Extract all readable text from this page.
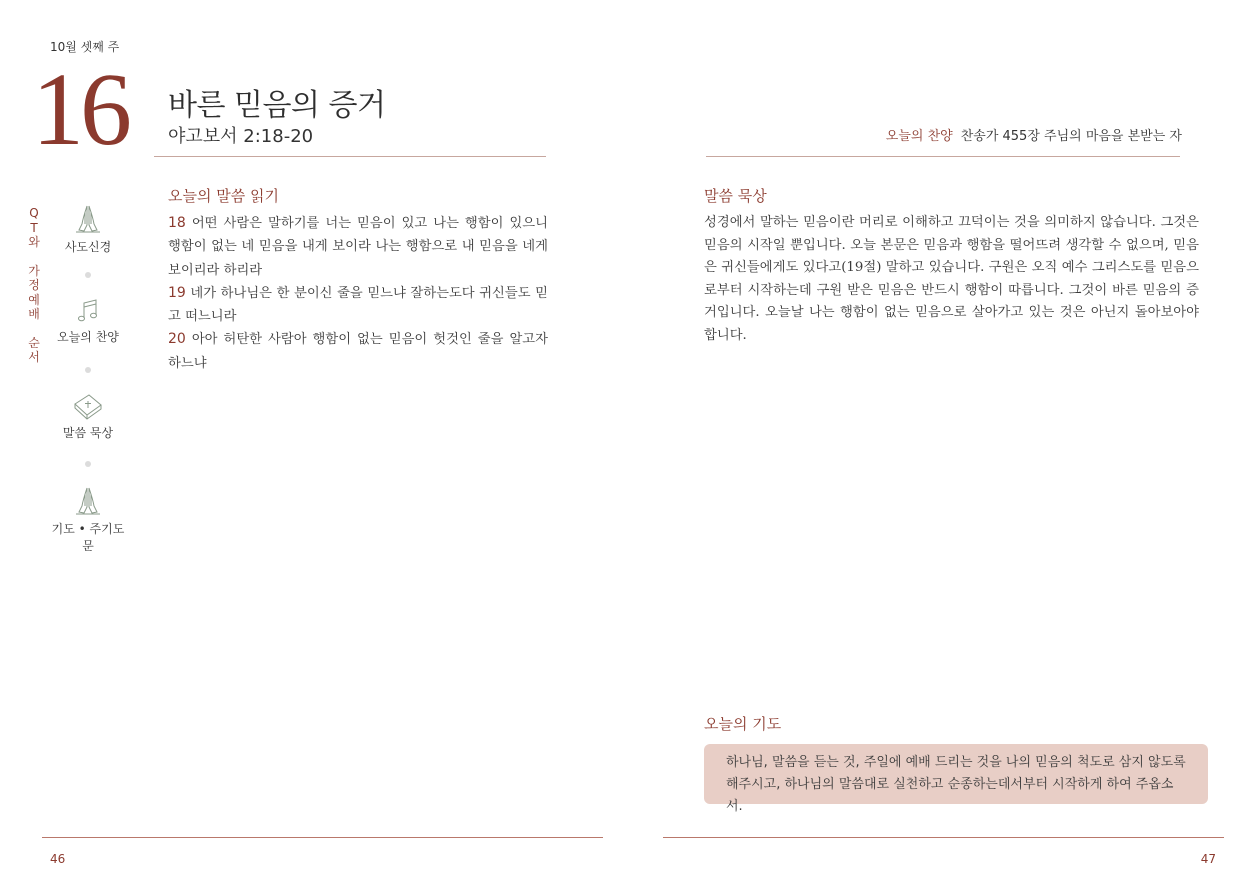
10월 셋째 주
16 바른 믿음의 증거
야고보서 2:18-20	오늘의 찬양 찬송가 455장 주님의 마음을 본받는 자
Q
T
와
가
정
예
배
순
서
사도신경
오늘의 찬양
말씀 묵상
기도 • 주기도문
오늘의 말씀 읽기
18 어떤 사람은 말하기를 너는 믿음이 있고 나는 행함이 있으니 행함이 없는 네 믿음을 내게 보이라 나는 행함으로 내 믿음을 네게 보이리라 하리라
19 네가 하나님은 한 분이신 줄을 믿느냐 잘하는도다 귀신들도 믿고 떠느니라
20 아아 허탄한 사람아 행함이 없는 믿음이 헛것인 줄을 알고자 하느냐
말씀 묵상
성경에서 말하는 믿음이란 머리로 이해하고 끄덕이는 것을 의미하지 않습니다. 그것은 믿음의 시작일 뿐입니다. 오늘 본문은 믿음과 행함을 떨어뜨려 생각할 수 없으며, 믿음은 귀신들에게도 있다고(19절) 말하고 있습니다. 구원은 오직 예수 그리스도를 믿음으로부터 시작하는데 구원 받은 믿음은 반드시 행함이 따릅니다. 그것이 바른 믿음의 증거입니다. 오늘날 나는 행함이 없는 믿음으로 살아가고 있는 것은 아닌지 돌아보아야 합니다.
오늘의 기도
하나님, 말씀을 듣는 것, 주일에 예배 드리는 것을 나의 믿음의 척도로 삼지 않도록
해주시고, 하나님의 말씀대로 실천하고 순종하는데서부터 시작하게 하여 주옵소서.
46	47
